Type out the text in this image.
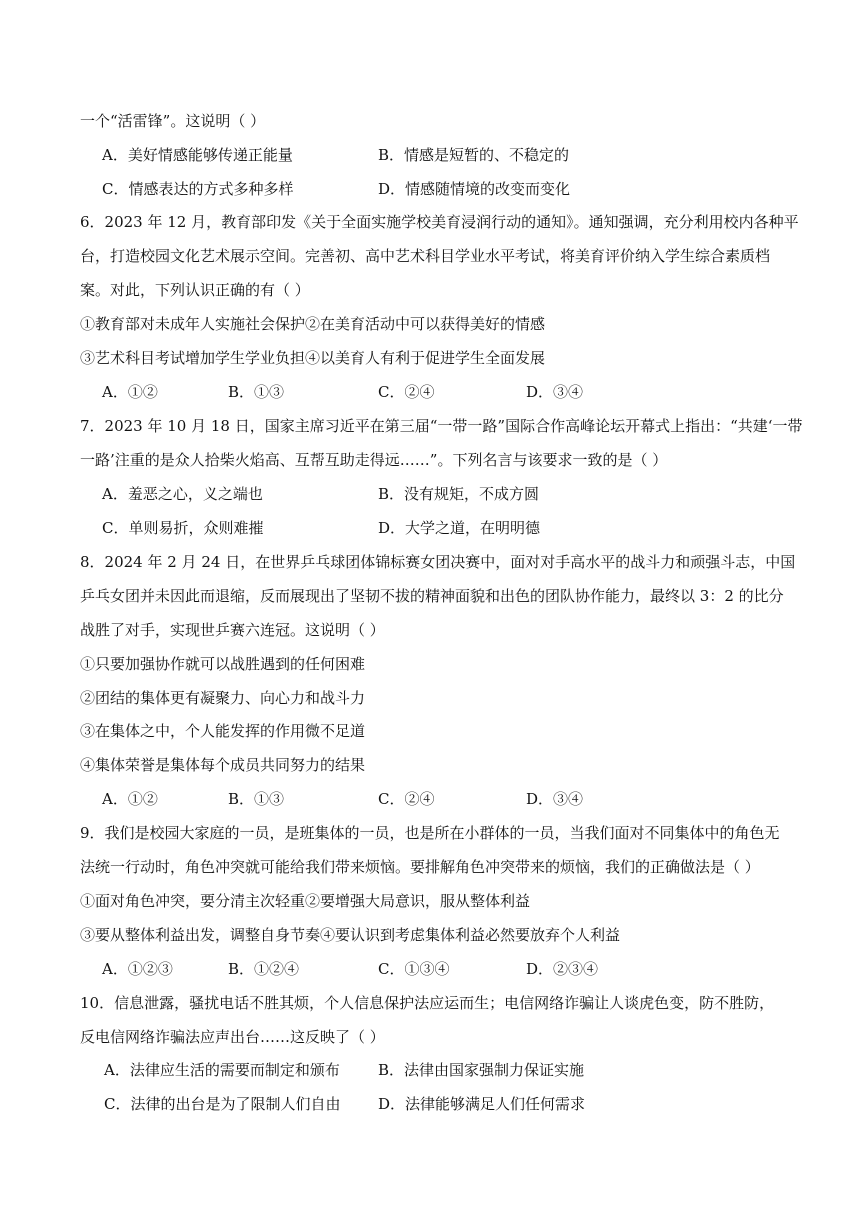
一个“活雷锋”。这说明（ ）
A．美好情感能够传递正能量	B．情感是短暂的、不稳定的
C．情感表达的方式多种多样	D．情感随情境的改变而变化
6．2023 年 12 月，教育部印发《关于全面实施学校美育浸润行动的通知》。通知强调，充分利用校内各种平
台，打造校园文化艺术展示空间。完善初、高中艺术科目学业水平考试，将美育评价纳入学生综合素质档
案。对此，下列认识正确的有（ ）
①教育部对未成年人实施社会保护②在美育活动中可以获得美好的情感
③艺术科目考试增加学生学业负担④以美育人有利于促进学生全面发展
A．①②	B．①③	C．②④	D．③④
7．2023 年 10 月 18 日，国家主席习近平在第三届“一带一路”国际合作高峰论坛开幕式上指出：“共建‘一带
一路’注重的是众人拾柴火焰高、互帮互助走得远……”。下列名言与该要求一致的是（ ）
A．羞恶之心，义之端也	B．没有规矩，不成方圆
C．单则易折，众则难摧	D．大学之道，在明明德
8．2024 年 2 月 24 日，在世界乒乓球团体锦标赛女团决赛中，面对对手高水平的战斗力和顽强斗志，中国
乒乓女团并未因此而退缩，反而展现出了坚韧不拔的精神面貌和出色的团队协作能力，最终以 3：2 的比分
战胜了对手，实现世乒赛六连冠。这说明（ ）
①只要加强协作就可以战胜遇到的任何困难
②团结的集体更有凝聚力、向心力和战斗力
③在集体之中，个人能发挥的作用微不足道
④集体荣誉是集体每个成员共同努力的结果
A．①②	B．①③	C．②④	D．③④
9．我们是校园大家庭的一员，是班集体的一员，也是所在小群体的一员，当我们面对不同集体中的角色无
法统一行动时，角色冲突就可能给我们带来烦恼。要排解角色冲突带来的烦恼，我们的正确做法是（ ）
①面对角色冲突，要分清主次轻重②要增强大局意识，服从整体利益
③要从整体利益出发，调整自身节奏④要认识到考虑集体利益必然要放弃个人利益
A．①②③	B．①②④	C．①③④	D．②③④
10．信息泄露，骚扰电话不胜其烦，个人信息保护法应运而生；电信网络诈骗让人谈虎色变，防不胜防，
反电信网络诈骗法应声出台……这反映了（ ）
A．法律应生活的需要而制定和颁布	B．法律由国家强制力保证实施
C．法律的出台是为了限制人们自由	D．法律能够满足人们任何需求
